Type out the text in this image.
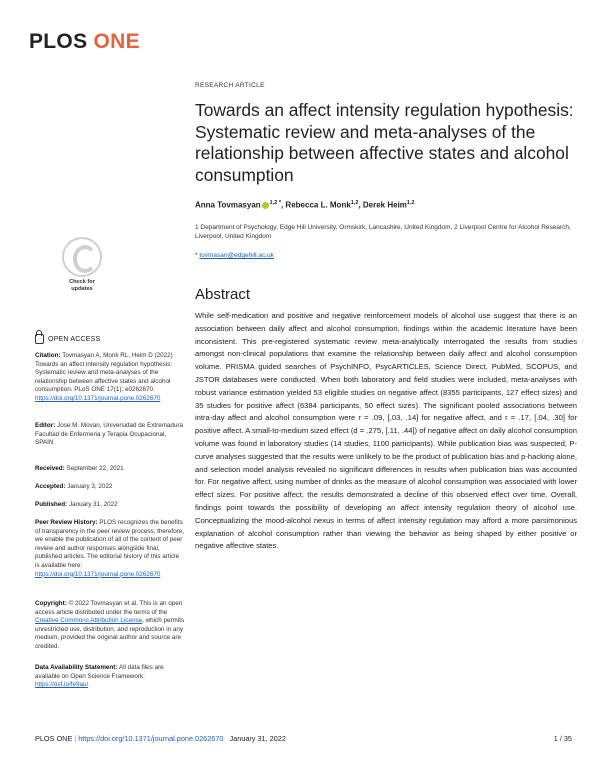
PLOS ONE
RESEARCH ARTICLE
Towards an affect intensity regulation hypothesis: Systematic review and meta-analyses of the relationship between affective states and alcohol consumption
Anna Tovmasyan $^{1,2 *}$, Rebecca L. Monk$^{1,2}$, Derek Heim$^{1,2}$
1 Department of Psychology, Edge Hill University, Ormskirk, Lancashire, United Kingdom, 2 Liverpool Centre for Alcohol Research, Liverpool, United Kingdom
* tovmasan@edgehill.ac.uk
Check for
updates
OPEN ACCESS
Citation: Tovmasyan A, Monk RL, Heim D (2022) Towards an affect intensity regulation hypothesis: Systematic review and meta-analyses of the relationship between affective states and alcohol consumption. PLoS ONE 17(1): e0262670. https://doi.org/10.1371/journal.pone.0262670
Editor: Jose M. Movan, Universidad de Extremadura Facultad de Enfermeria y Terapia Ocupacional, SPAIN
Received: September 22, 2021
Accepted: January 3, 2022
Published: January 31, 2022
Peer Review History: PLOS recognizes the benefits of transparency in the peer review process; therefore, we enable the publication of all of the content of peer review and author responses alongside final, published articles. The editorial history of this article is available here: https://doi.org/10.1371/journal.pone.0262670
Copyright: © 2022 Tovmasyan et al. This is an open access article distributed under the terms of the Creative Commons Attribution License, which permits unrestricted use, distribution, and reproduction in any medium, provided the original author and source are credited.
Data Availability Statement: All data files are available on Open Science Framework: https://osf.io/fe9au/
Abstract
While self-medication and positive and negative reinforcement models of alcohol use suggest that there is an association between daily affect and alcohol consumption, findings within the academic literature have been inconsistent. This pre-registered systematic review meta-analytically interrogated the results from studies amongst non-clinical populations that examine the relationship between daily affect and alcohol consumption volume. PRISMA guided searches of PsychINFO, PsycARTICLES, Science Direct, PubMed, SCOPUS, and JSTOR databases were conducted. When both laboratory and field studies were included, meta-analyses with robust variance estimation yielded 53 eligible studies on negative affect (8355 participants, 127 effect sizes) and 35 studies for positive affect (6384 participants, 50 effect sizes). The significant pooled associations between intra-day affect and alcohol consumption were r = .09, [.03, .14] for negative affect, and r = .17, [.04, .30] for positive affect. A small-to-medium sized effect (d = .275, [.11, .44]) of negative affect on daily alcohol consumption volume was found in laboratory studies (14 studies, 1100 participants). While publication bias was suspected, P-curve analyses suggested that the results were unlikely to be the product of publication bias and p-hacking alone, and selection model analysis revealed no significant differences in results when publication bias was accounted for. For negative affect, using number of drinks as the measure of alcohol consumption was associated with lower effect sizes. For positive affect, the results demonstrated a decline of this observed effect over time. Overall, findings point towards the possibility of developing an affect intensity regulation theory of alcohol use. Conceptualizing the mood-alcohol nexus in terms of affect intensity regulation may afford a more parsimonious explanation of alcohol consumption rather than viewing the behavior as being shaped by either positive or negative affective states.
PLOS ONE | https://doi.org/10.1371/journal.pone.0262670 January 31, 2022	1 / 35
